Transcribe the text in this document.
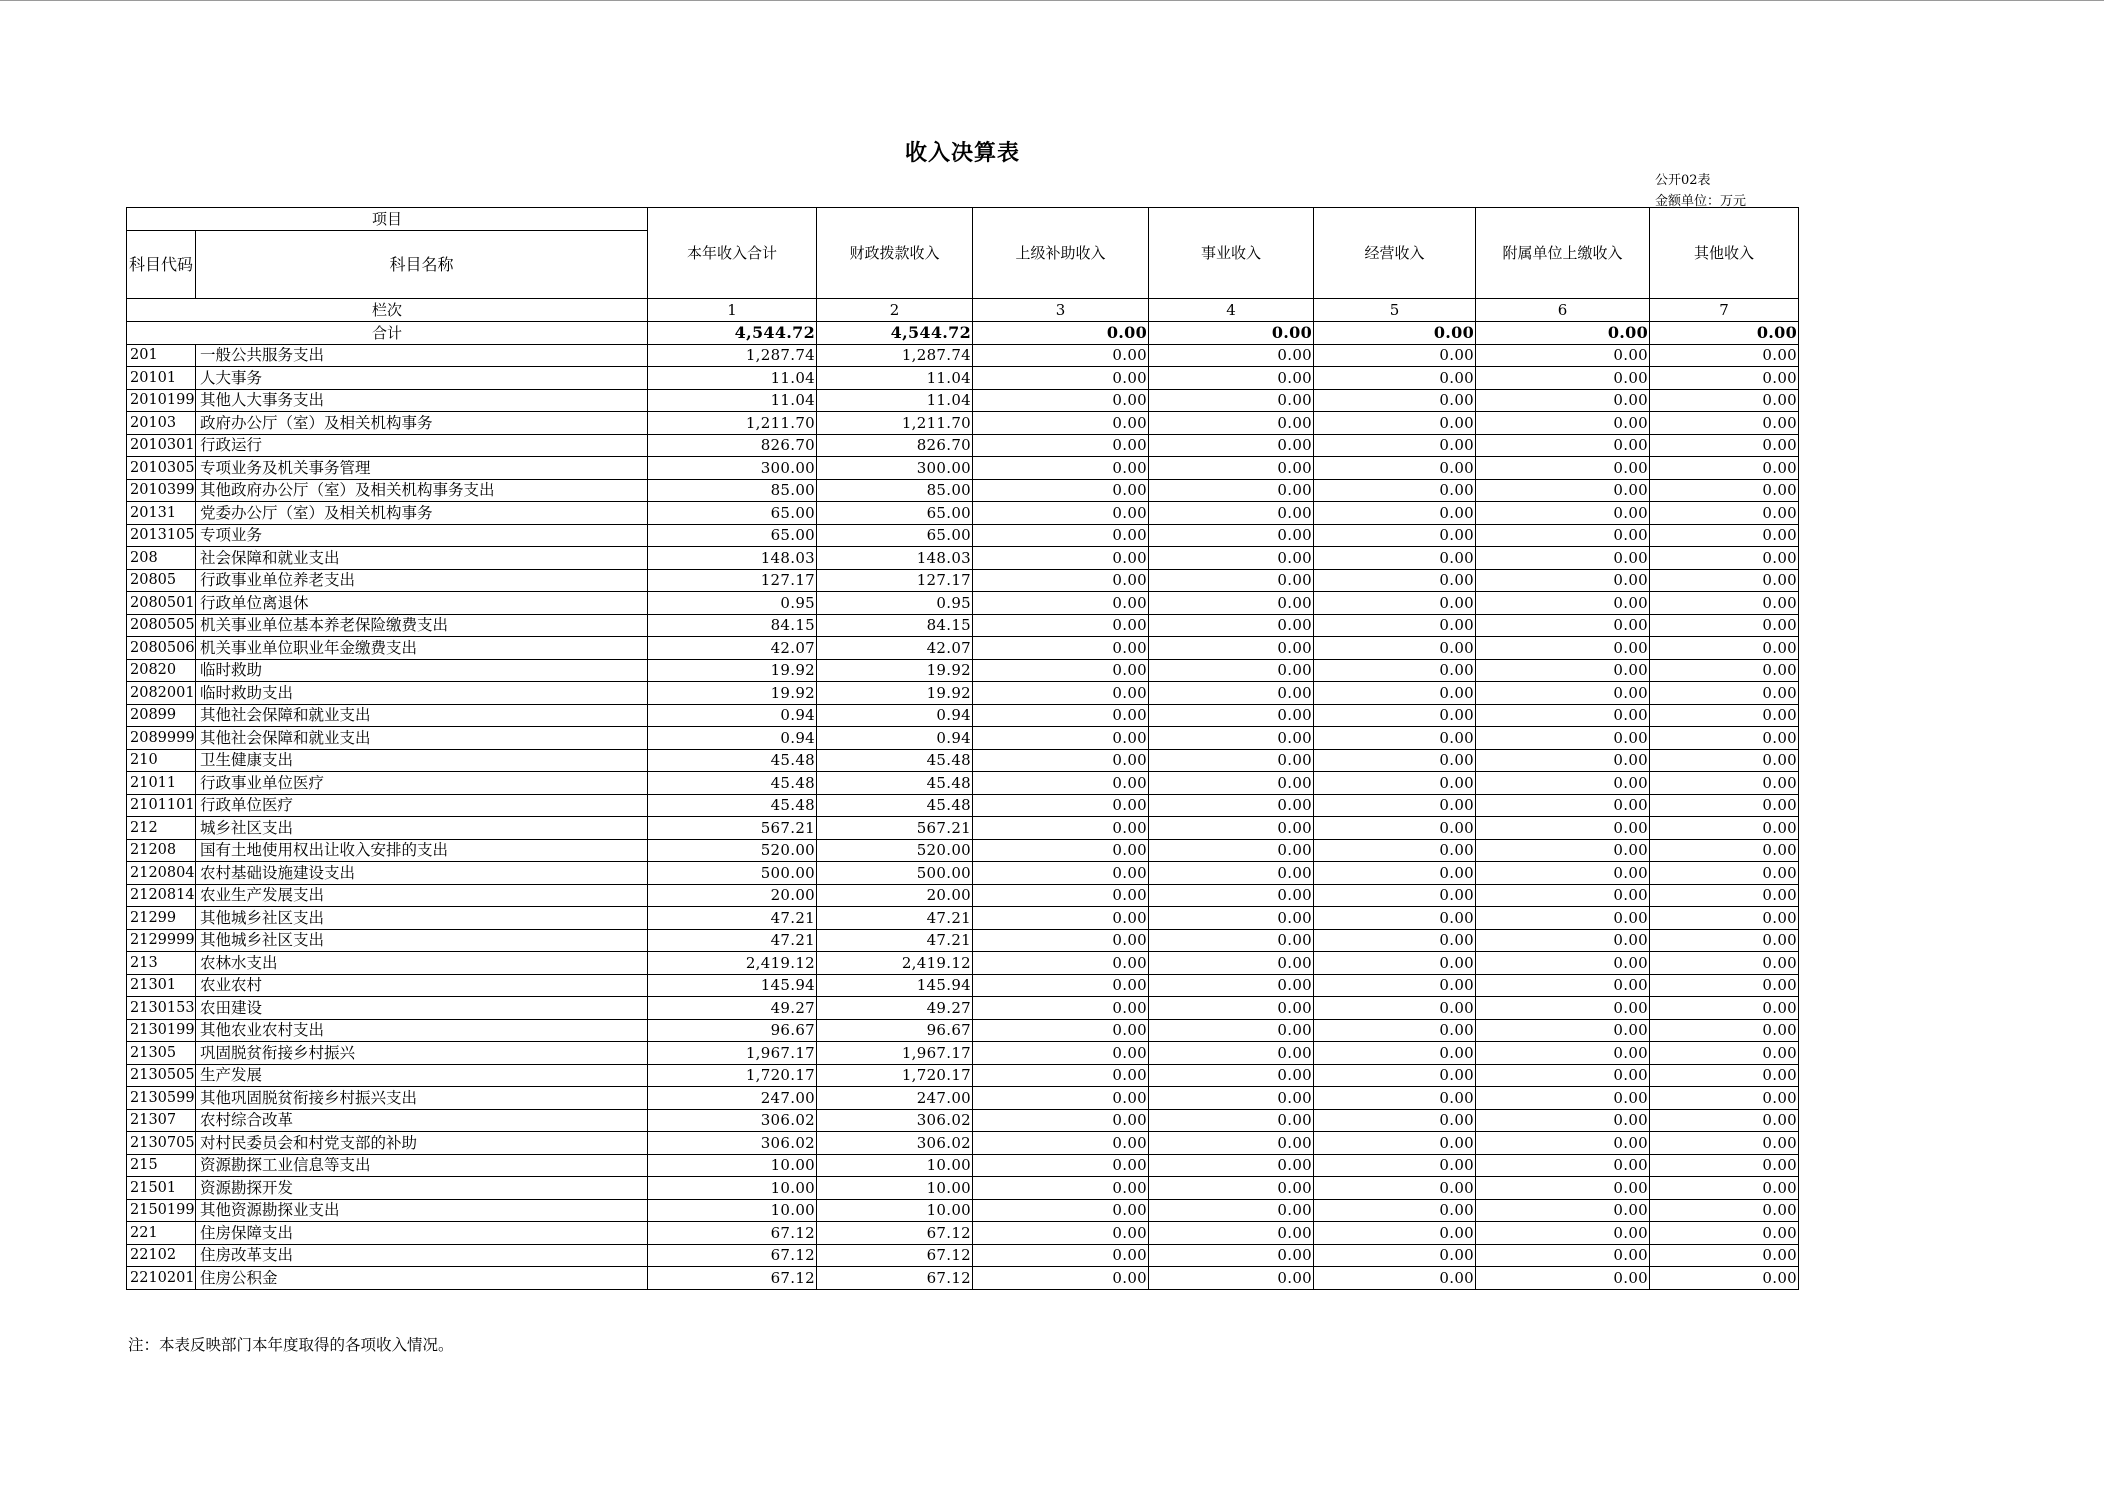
收入决算表
公开02表
金额单位：万元
项目		本年收入合计	财政拨款收入	上级补助收入	事业收入	经营收入	附属单位上缴收入	其他收入
科目代码	科目名称							
栏次		1	2	3	4	5	6	7
合计		4,544.72	4,544.72	0.00	0.00	0.00	0.00	0.00
201	一般公共服务支出	1,287.74	1,287.74	0.00	0.00	0.00	0.00	0.00
20101	人大事务	11.04	11.04	0.00	0.00	0.00	0.00	0.00
2010199	其他人大事务支出	11.04	11.04	0.00	0.00	0.00	0.00	0.00
20103	政府办公厅（室）及相关机构事务	1,211.70	1,211.70	0.00	0.00	0.00	0.00	0.00
2010301	行政运行	826.70	826.70	0.00	0.00	0.00	0.00	0.00
2010305	专项业务及机关事务管理	300.00	300.00	0.00	0.00	0.00	0.00	0.00
2010399	其他政府办公厅（室）及相关机构事务支出	85.00	85.00	0.00	0.00	0.00	0.00	0.00
20131	党委办公厅（室）及相关机构事务	65.00	65.00	0.00	0.00	0.00	0.00	0.00
2013105	专项业务	65.00	65.00	0.00	0.00	0.00	0.00	0.00
208	社会保障和就业支出	148.03	148.03	0.00	0.00	0.00	0.00	0.00
20805	行政事业单位养老支出	127.17	127.17	0.00	0.00	0.00	0.00	0.00
2080501	行政单位离退休	0.95	0.95	0.00	0.00	0.00	0.00	0.00
2080505	机关事业单位基本养老保险缴费支出	84.15	84.15	0.00	0.00	0.00	0.00	0.00
2080506	机关事业单位职业年金缴费支出	42.07	42.07	0.00	0.00	0.00	0.00	0.00
20820	临时救助	19.92	19.92	0.00	0.00	0.00	0.00	0.00
2082001	临时救助支出	19.92	19.92	0.00	0.00	0.00	0.00	0.00
20899	其他社会保障和就业支出	0.94	0.94	0.00	0.00	0.00	0.00	0.00
2089999	其他社会保障和就业支出	0.94	0.94	0.00	0.00	0.00	0.00	0.00
210	卫生健康支出	45.48	45.48	0.00	0.00	0.00	0.00	0.00
21011	行政事业单位医疗	45.48	45.48	0.00	0.00	0.00	0.00	0.00
2101101	行政单位医疗	45.48	45.48	0.00	0.00	0.00	0.00	0.00
212	城乡社区支出	567.21	567.21	0.00	0.00	0.00	0.00	0.00
21208	国有土地使用权出让收入安排的支出	520.00	520.00	0.00	0.00	0.00	0.00	0.00
2120804	农村基础设施建设支出	500.00	500.00	0.00	0.00	0.00	0.00	0.00
2120814	农业生产发展支出	20.00	20.00	0.00	0.00	0.00	0.00	0.00
21299	其他城乡社区支出	47.21	47.21	0.00	0.00	0.00	0.00	0.00
2129999	其他城乡社区支出	47.21	47.21	0.00	0.00	0.00	0.00	0.00
213	农林水支出	2,419.12	2,419.12	0.00	0.00	0.00	0.00	0.00
21301	农业农村	145.94	145.94	0.00	0.00	0.00	0.00	0.00
2130153	农田建设	49.27	49.27	0.00	0.00	0.00	0.00	0.00
2130199	其他农业农村支出	96.67	96.67	0.00	0.00	0.00	0.00	0.00
21305	巩固脱贫衔接乡村振兴	1,967.17	1,967.17	0.00	0.00	0.00	0.00	0.00
2130505	生产发展	1,720.17	1,720.17	0.00	0.00	0.00	0.00	0.00
2130599	其他巩固脱贫衔接乡村振兴支出	247.00	247.00	0.00	0.00	0.00	0.00	0.00
21307	农村综合改革	306.02	306.02	0.00	0.00	0.00	0.00	0.00
2130705	对村民委员会和村党支部的补助	306.02	306.02	0.00	0.00	0.00	0.00	0.00
215	资源勘探工业信息等支出	10.00	10.00	0.00	0.00	0.00	0.00	0.00
21501	资源勘探开发	10.00	10.00	0.00	0.00	0.00	0.00	0.00
2150199	其他资源勘探业支出	10.00	10.00	0.00	0.00	0.00	0.00	0.00
221	住房保障支出	67.12	67.12	0.00	0.00	0.00	0.00	0.00
22102	住房改革支出	67.12	67.12	0.00	0.00	0.00	0.00	0.00
2210201	住房公积金	67.12	67.12	0.00	0.00	0.00	0.00	0.00
注：本表反映部门本年度取得的各项收入情况。
